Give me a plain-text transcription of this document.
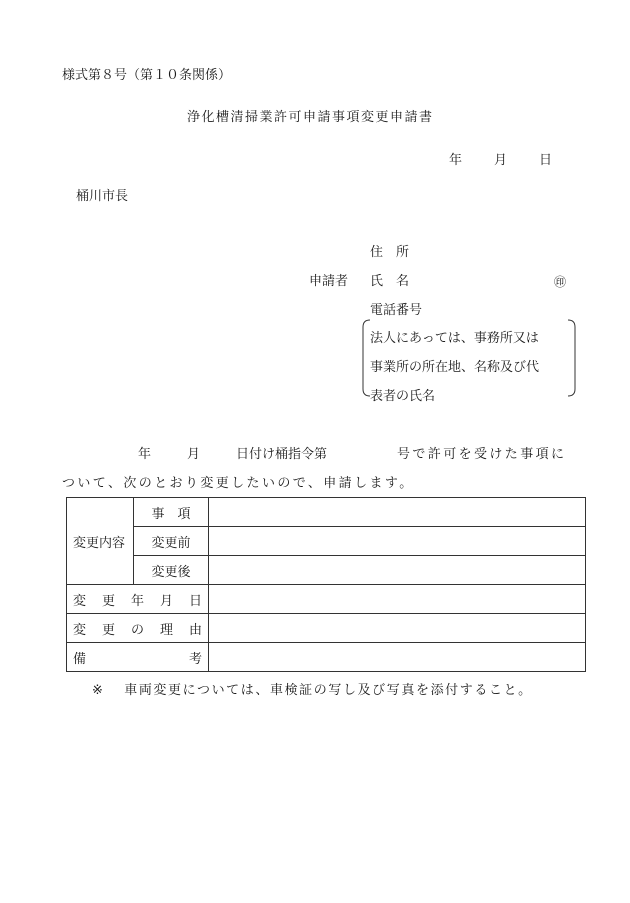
様式第８号（第１０条関係）
浄化槽清掃業許可申請事項変更申請書
年 月 日
桶川市長
住　所
申請者 氏　名	㊞
電話番号
法人にあっては、事務所又は
事業所の所在地、名称及び代
表者の氏名
年	月	日付け桶指令第	号で許可を受けた事項に
ついて、次のとおり変更したいので、申請します。
変更内容	事　項	
	変更前	
	変更後	

変 更 年 月 日		

変 更 の 理 由		

備 考		

※ 車両変更については、車検証の写し及び写真を添付すること。
